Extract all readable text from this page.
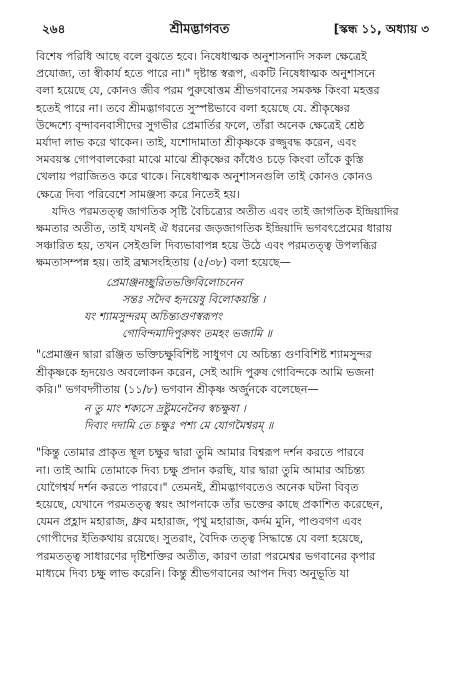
২৬৪	শ্রীমদ্ভাগবত	[স্কন্ধ ১১, অধ্যায় ৩
বিশেষ পরিধি আছে বলে বুঝতে হবে। নিষেধাত্মক অনুশাসনাদি সকল ক্ষেত্রেই
প্রযোজ্য, তা স্বীকার্য হতে পারে না।" দৃষ্টান্ত স্বরূপ, একটি নিষেধাত্মক অনুশাসনে
বলা হয়েছে যে, কোনও জীব পরম পুরুষোত্তম শ্রীভগবানের সমকক্ষ কিংবা মহত্তর
হতেই পারে না। তবে শ্রীমদ্ভাগবতে সুস্পষ্টভাবে বলা হয়েছে যে. শ্রীকৃষ্ণের
উদ্দেশ্যে বৃন্দাবনবাসীদের সুগভীর প্রেমার্তির ফলে, তাঁরা অনেক ক্ষেত্রেই শ্রেষ্ঠ
মর্যাদা লাভ করে থাকেন। তাই, যশোদামাতা শ্রীকৃষ্ণকে রজ্জুবদ্ধ করেন, এবং
সমবয়স্ক গোপবালকেরা মাঝে মাঝে শ্রীকৃষ্ণের কাঁধেও চড়ে কিংবা তাঁকে কুস্তি
খেলায় পরাজিতও করে থাকে। নিষেধাত্মক অনুশাসনগুলি তাই কোনও কোনও
ক্ষেত্রে দিব্য পরিবেশে সামঞ্জস্য করে নিতেই হয়।
যদিও পরমতত্ত্ব জাগতিক সৃষ্টি বৈচিত্র্যের অতীত এবং তাই জাগতিক ইন্দ্রিয়াদির
ক্ষমতার অতীত, তাই যখনই ঐ ধরনের জড়জাগতিক ইন্দ্রিয়াদি ভগবৎপ্রেমের ধারায়
সঞ্চারিত হয়, তখন সেইগুলি দিব্যভাবাপন্ন হয়ে উঠে এবং পরমতত্ত্ব উপলব্ধির
ক্ষমতাসম্পন্ন হয়। তাই ব্রহ্মসংহিতায় (৫/৩৮) বলা হয়েছে—
প্রেমাঞ্জনচ্ছুরিতভক্তিবিলোচনেন
সন্তঃ সদৈব হৃদয়েষু বিলোকয়ন্তি ।
যং শ্যামসুন্দরম্ অচিন্ত্যগুণস্বরূপং
গোবিন্দমাদিপুরুষং তমহং ভজামি ॥
"প্রেমাঞ্জন দ্বারা রঞ্জিত ভক্তিচক্ষুবিশিষ্ট সাধুগণ যে অচিন্ত্য গুণবিশিষ্ট শ্যামসুন্দর
শ্রীকৃষ্ণকে হৃদয়েও অবলোকন করেন, সেই আদি পুরুষ গোবিন্দকে আমি ভজনা
করি।" ভগবদ্গীতায় (১১/৮) ভগবান শ্রীকৃষ্ণ অর্জুনকে বলেছেন—
ন তু মাং শক্যসে দ্রষ্টুমনেনৈব স্বচক্ষুষা ।
দিব্যং দদামি তে চক্ষুঃ পশ্য মে যোগমৈশ্বরম্ ॥
"কিন্তু তোমার প্রাকৃত স্থূল চক্ষুর দ্বারা তুমি আমার বিশ্বরূপ দর্শন করতে পারবে
না। তাই আমি তোমাকে দিব্য চক্ষু প্রদান করছি, যার দ্বারা তুমি আমার অচিন্ত্য
যোগৈশ্বর্য দর্শন করতে পারবে।" তেমনই, শ্রীমদ্ভাগবতেও অনেক ঘটনা বিবৃত
হয়েছে, যেখানে পরমতত্ত্ব স্বয়ং আপনাকে তাঁর ভক্তের কাছে প্রকাশিত করেছেন,
যেমন প্রহ্লাদ মহারাজ, ধ্রুব মহারাজ, পৃথু মহারাজ, কর্দম মুনি, পাণ্ডবগণ এবং
গোপীদের ইতিকথায় রয়েছে। সুতরাং, বৈদিক তত্ত্ব সিদ্ধান্তে যে বলা হয়েছে,
পরমতত্ত্ব সাধারণের দৃষ্টিশক্তির অতীত, কারণ তারা পরমেশ্বর ভগবানের কৃপার
মাধ্যমে দিব্য চক্ষু লাভ করেনি। কিন্তু শ্রীভগবানের আপন দিব্য অনুভূতি যা
